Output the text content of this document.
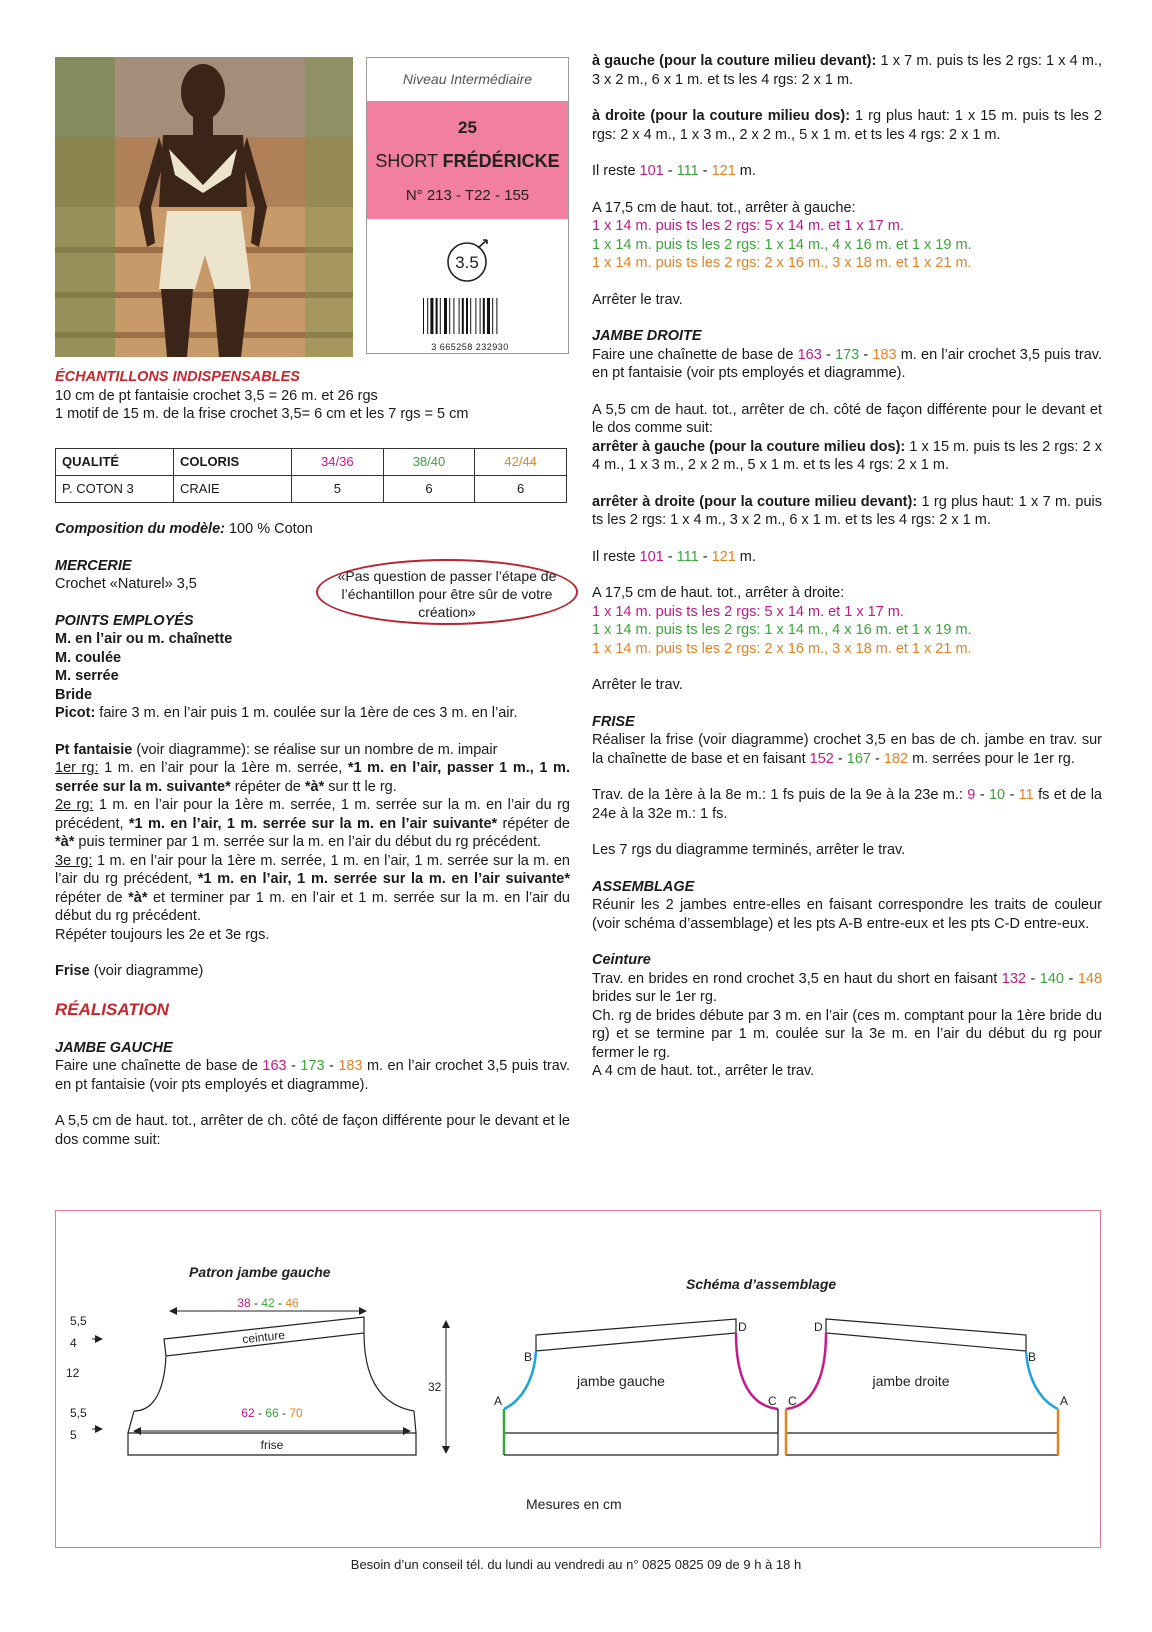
Niveau Intermédiaire
25
SHORT FRÉDÉRICKE
N° 213 - T22 - 155
3.5
3 665258 232930

ÉCHANTILLONS INDISPENSABLES

10 cm de pt fantaisie crochet 3,5 = 26 m. et 26 rgs

1 motif de 15 m. de la frise crochet 3,5= 6 cm et les 7 rgs = 5 cm

QUALITÉ	COLORIS	34/36	38/40	42/44
P. COTON 3	CRAIE	5	6	6

Composition du modèle: 100 % Coton

MERCERIE

Crochet «Naturel» 3,5

POINTS EMPLOYÉS

M. en l’air ou m. chaînette

M. coulée

M. serrée

Bride

Picot: faire 3 m. en l’air puis 1 m. coulée sur la 1ère de ces 3 m. en l’air.

Pt fantaisie (voir diagramme): se réalise sur un nombre de m. impair

1er rg: 1 m. en l’air pour la 1ère m. serrée, *1 m. en l’air, passer 1 m., 1 m. serrée sur la m. suivante* répéter de *à* sur tt le rg.

2e rg: 1 m. en l’air pour la 1ère m. serrée, 1 m. serrée sur la m. en l’air du rg précédent, *1 m. en l’air, 1 m. serrée sur la m. en l’air suivante* répéter de *à* puis terminer par 1 m. serrée sur la m. en l’air du début du rg précédent.

3e rg: 1 m. en l’air pour la 1ère m. serrée, 1 m. en l’air, 1 m. serrée sur la m. en l’air du rg précédent, *1 m. en l’air, 1 m. serrée sur la m. en l’air suivante* répéter de *à* et terminer par 1 m. en l’air et 1 m. serrée sur la m. en l’air du début du rg précédent.

Répéter toujours les 2e et 3e rgs.

Frise (voir diagramme)

RÉALISATION

JAMBE GAUCHE

Faire une chaînette de base de 163 - 173 - 183 m. en l’air crochet 3,5 puis trav. en pt fantaisie (voir pts employés et diagramme).

A 5,5 cm de haut. tot., arrêter de ch. côté de façon différente pour le devant et le dos comme suit:

«Pas question de passer l’étape de l’échantillon pour être sûr de votre création»

à gauche (pour la couture milieu devant): 1 x 7 m. puis ts les 2 rgs: 1 x 4 m., 3 x 2 m., 6 x 1 m. et ts les 4 rgs: 2 x 1 m.

à droite (pour la couture milieu dos): 1 rg plus haut: 1 x 15 m. puis ts les 2 rgs: 2 x 4 m., 1 x 3 m., 2 x 2 m., 5 x 1 m. et ts les 4 rgs: 2 x 1 m.

Il reste 101 - 111 - 121 m.

A 17,5 cm de haut. tot., arrêter à gauche:

1 x 14 m. puis ts les 2 rgs: 5 x 14 m. et 1 x 17 m.

1 x 14 m. puis ts les 2 rgs: 1 x 14 m., 4 x 16 m. et 1 x 19 m.

1 x 14 m. puis ts les 2 rgs: 2 x 16 m., 3 x 18 m. et 1 x 21 m.

Arrêter le trav.

JAMBE DROITE

Faire une chaînette de base de 163 - 173 - 183 m. en l’air crochet 3,5 puis trav. en pt fantaisie (voir pts employés et diagramme).

A 5,5 cm de haut. tot., arrêter de ch. côté de façon différente pour le devant et le dos comme suit:

arrêter à gauche (pour la couture milieu dos): 1 x 15 m. puis ts les 2 rgs: 2 x 4 m., 1 x 3 m., 2 x 2 m., 5 x 1 m. et ts les 4 rgs: 2 x 1 m.

arrêter à droite (pour la couture milieu devant): 1 rg plus haut: 1 x 7 m. puis ts les 2 rgs: 1 x 4 m., 3 x 2 m., 6 x 1 m. et ts les 4 rgs: 2 x 1 m.

Il reste 101 - 111 - 121 m.

A 17,5 cm de haut. tot., arrêter à droite:

1 x 14 m. puis ts les 2 rgs: 5 x 14 m. et 1 x 17 m.

1 x 14 m. puis ts les 2 rgs: 1 x 14 m., 4 x 16 m. et 1 x 19 m.

1 x 14 m. puis ts les 2 rgs: 2 x 16 m., 3 x 18 m. et 1 x 21 m.

Arrêter le trav.

FRISE

Réaliser la frise (voir diagramme) crochet 3,5 en bas de ch. jambe en trav. sur la chaînette de base et en faisant 152 - 167 - 182 m. serrées pour le 1er rg.

Trav. de la 1ère à la 8e m.: 1 fs puis de la 9e à la 23e m.: 9 - 10 - 11 fs et de la 24e à la 32e m.: 1 fs.

Les 7 rgs du diagramme terminés, arrêter le trav.

ASSEMBLAGE

Réunir les 2 jambes entre-elles en faisant correspondre les traits de couleur (voir schéma d’assemblage) et les pts A-B entre-eux et les pts C-D entre-eux.

Ceinture

Trav. en brides en rond crochet 3,5 en haut du short en faisant 132 - 140 - 148 brides sur le 1er rg.

Ch. rg de brides débute par 3 m. en l’air (ces m. comptant pour la 1ère bride du rg) et se termine par 1 m. coulée sur la 3e m. en l’air du début du rg pour fermer le rg.

A 4 cm de haut. tot., arrêter le trav.

Patron jambe gauche
38 - 42 - 46
ceinture
62 - 66 - 70
frise
5,5
4
12
5,5
5
32
Schéma d’assemblage
jambe gauche	jambe droite
A
B
C
D
C
D
B
A
Mesures en cm
Besoin d’un conseil tél. du lundi au vendredi au n° 0825 0825 09 de 9 h à 18 h
